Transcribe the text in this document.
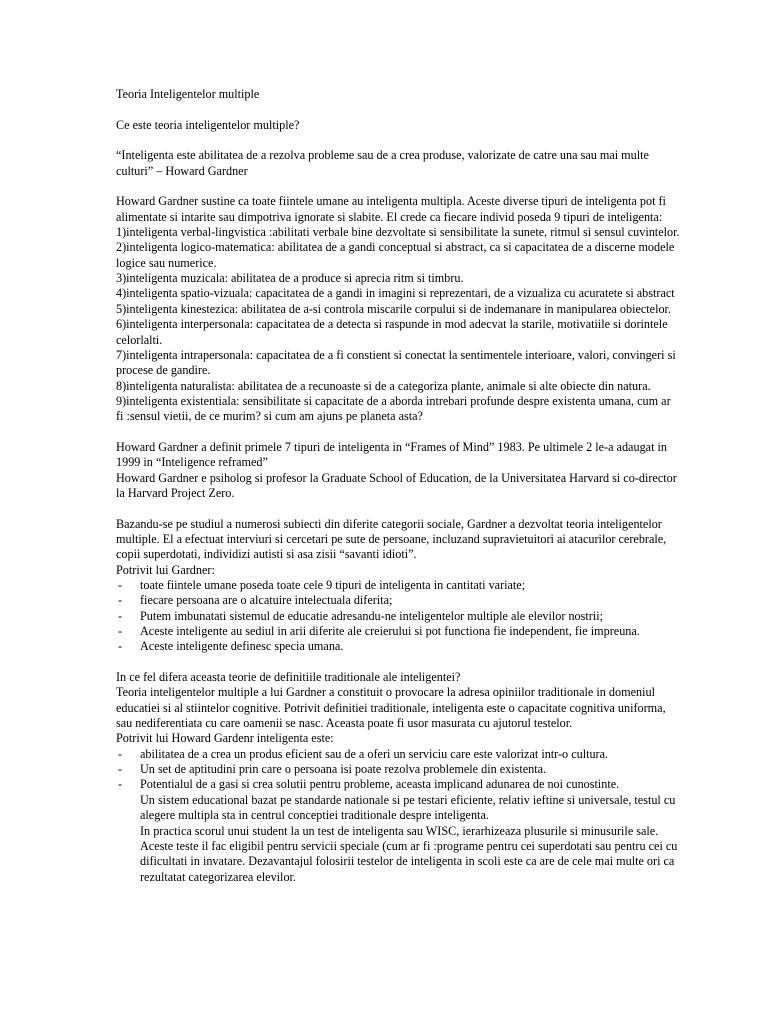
Teoria Inteligentelor multiple

Ce este teoria inteligentelor multiple?

“Inteligenta este abilitatea de a rezolva probleme sau de a crea produse, valorizate de catre una sau mai multe culturi” – Howard Gardner

Howard Gardner sustine ca toate fiintele umane au inteligenta multipla. Aceste diverse tipuri de inteligenta pot fi alimentate si intarite sau dimpotriva ignorate si slabite. El crede ca fiecare individ poseda 9 tipuri de inteligenta:

1)inteligenta verbal-lingvistica :abilitati verbale bine dezvoltate si sensibilitate la sunete, ritmul si sensul cuvintelor.

2)inteligenta logico-matematica: abilitatea de a gandi conceptual si abstract, ca si capacitatea de a discerne modele logice sau numerice.

3)inteligenta muzicala: abilitatea de a produce si aprecia ritm si timbru.

4)inteligenta spatio-vizuala: capacitatea de a gandi in imagini si reprezentari, de a vizualiza cu acuratete si abstract

5)inteligenta kinestezica: abilitatea de a-si controla miscarile corpului si de indemanare in manipularea obiectelor.

6)inteligenta interpersonala: capacitatea de a detecta si raspunde in mod adecvat la starile, motivatiile si dorintele celorlalti.

7)inteligenta intrapersonala: capacitatea de a fi constient si conectat la sentimentele interioare, valori, convingeri si procese de gandire.

8)inteligenta naturalista: abilitatea de a recunoaste si de a categoriza plante, animale si alte obiecte din natura.

9)inteligenta existentiala: sensibilitate si capacitate de a aborda intrebari profunde despre existenta umana, cum ar fi :sensul vietii, de ce murim? si cum am ajuns pe planeta asta?

Howard Gardner a definit primele 7 tipuri de inteligenta in “Frames of Mind” 1983. Pe ultimele 2 le-a adaugat in 1999 in “Inteligence reframed”

Howard Gardner e psiholog si profesor la Graduate School of Education, de la Universitatea Harvard si co-director la Harvard Project Zero.

Bazandu-se pe studiul a numerosi subiecti din diferite categorii sociale, Gardner a dezvoltat teoria inteligentelor multiple. El a efectuat interviuri si cercetari pe sute de persoane, incluzand supravietuitori ai atacurilor cerebrale, copii superdotati, individizi autisti si asa zisii “savanti idioti”.

Potrivit lui Gardner:

- toate fiintele umane poseda toate cele 9 tipuri de inteligenta in cantitati variate;
- fiecare persoana are o alcatuire intelectuala diferita;
- Putem imbunatati sistemul de educatie adresandu-ne inteligentelor multiple ale elevilor nostrii;
- Aceste inteligente au sediul in arii diferite ale creierului si pot functiona fie independent, fie impreuna.
- Aceste inteligente definesc specia umana.

In ce fel difera aceasta teorie de definitiile traditionale ale inteligentei?

Teoria inteligentelor multiple a lui Gardner a constituit o provocare la adresa opiniilor traditionale in domeniul educatiei si al stiintelor cognitive. Potrivit definitiei traditionale, inteligenta este o capacitate cognitiva uniforma, sau nediferentiata cu care oamenii se nasc. Aceasta poate fi usor masurata cu ajutorul testelor.

Potrivit lui Howard Gardenr inteligenta este:

- abilitatea de a crea un produs eficient sau de a oferi un serviciu care este valorizat intr-o cultura.
- Un set de aptitudini prin care o persoana isi poate rezolva problemele din existenta.
- Potentialul de a gasi si crea solutii pentru probleme, aceasta implicand adunarea de noi cunostinte.

Un sistem educational bazat pe standarde nationale si pe testari eficiente, relativ ieftine si universale, testul cu alegere multipla sta in centrul conceptiei traditionale despre inteligenta.

In practica scorul unui student la un test de inteligenta sau WISC, ierarhizeaza plusurile si minusurile sale. Aceste teste il fac eligibil pentru servicii speciale (cum ar fi :programe pentru cei superdotati sau pentru cei cu dificultati in invatare. Dezavantajul folosirii testelor de inteligenta in scoli este ca are de cele mai multe ori ca rezultatat categorizarea elevilor.
